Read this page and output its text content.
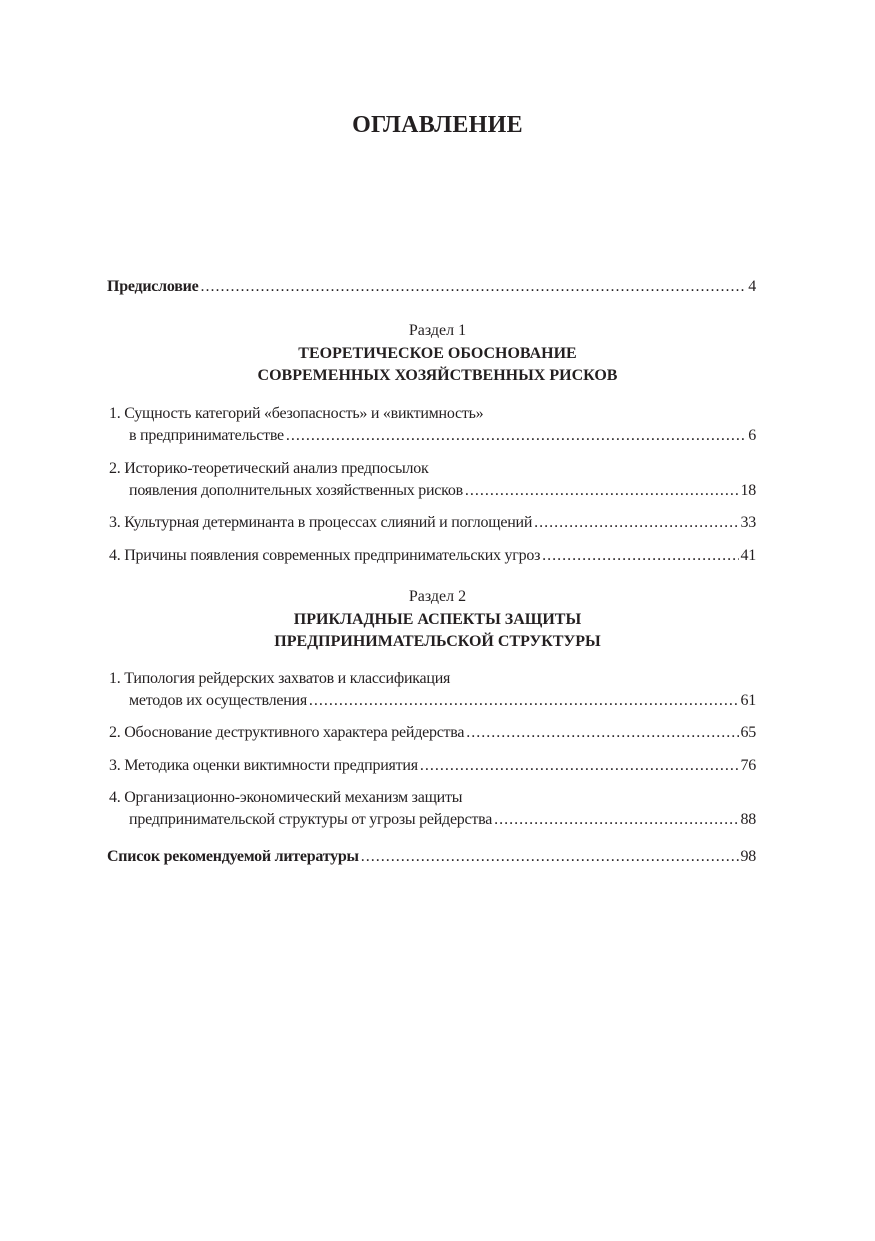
ОГЛАВЛЕНИЕ
Предисловие .....	4
Раздел 1
ТЕОРЕТИЧЕСКОЕ ОБОСНОВАНИЕ
СОВРЕМЕННЫХ ХОЗЯЙСТВЕННЫХ РИСКОВ
1. Сущность категорий «безопасность» и «виктимность»
в предпринимательстве .....	6
2. Историко-теоретический анализ предпосылок
появления дополнительных хозяйственных рисков .....	18
3. Культурная детерминанта в процессах слияний и поглощений .....	33
4. Причины появления современных предпринимательских угроз .....	41
Раздел 2
ПРИКЛАДНЫЕ АСПЕКТЫ ЗАЩИТЫ
ПРЕДПРИНИМАТЕЛЬСКОЙ СТРУКТУРЫ
1. Типология рейдерских захватов и классификация
методов их осуществления .....	61
2. Обоснование деструктивного характера рейдерства .....	65
3. Методика оценки виктимности предприятия .....	76
4. Организационно-экономический механизм защиты
предпринимательской структуры от угрозы рейдерства .....	88
Список рекомендуемой литературы .....	98
